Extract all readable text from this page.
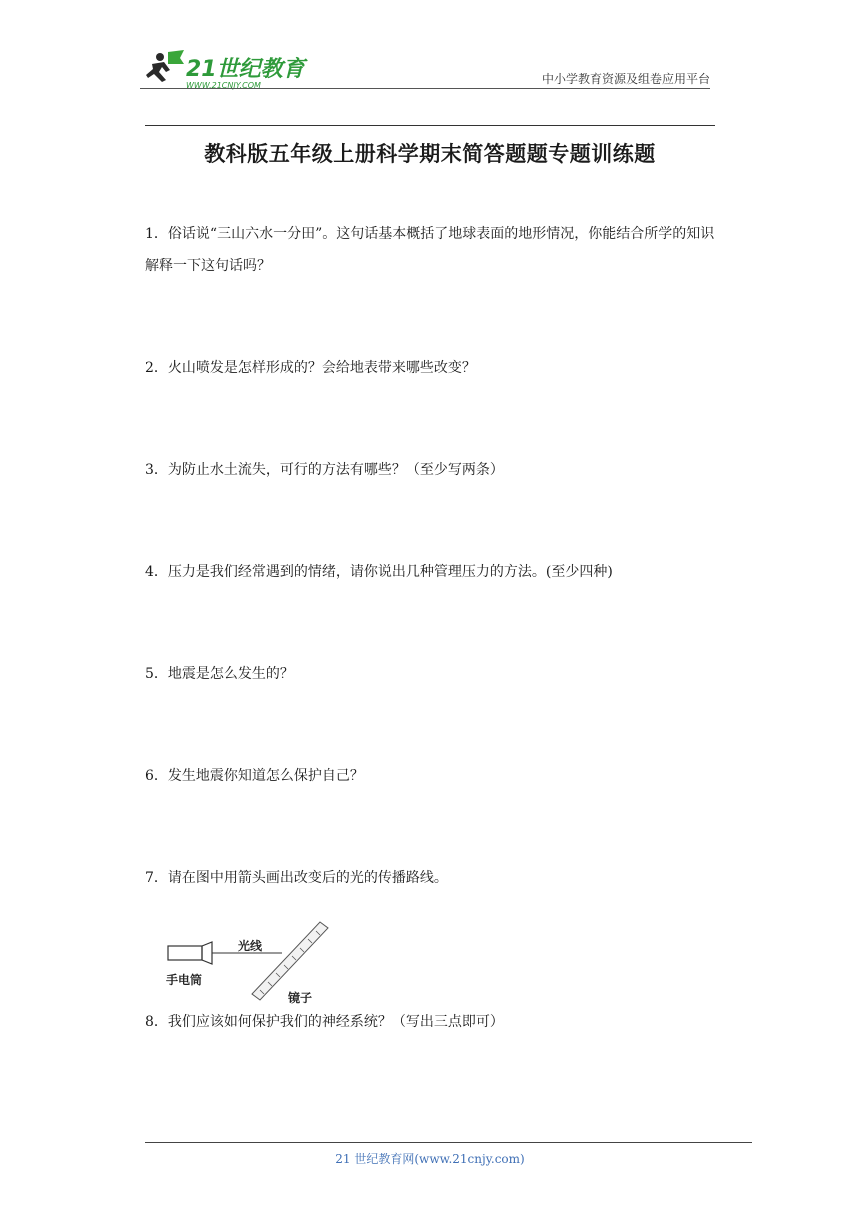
21世纪教育
WWW.21CNJY.COM	中小学教育资源及组卷应用平台
教科版五年级上册科学期末简答题题专题训练题
1．俗话说“三山六水一分田”。这句话基本概括了地球表面的地形情况，你能结合所学的知识解释一下这句话吗？
2．火山喷发是怎样形成的？会给地表带来哪些改变？
3．为防止水土流失，可行的方法有哪些？（至少写两条）
4．压力是我们经常遇到的情绪，请你说出几种管理压力的方法。(至少四种)
5．地震是怎么发生的？
6．发生地震你知道怎么保护自己？
7．请在图中用箭头画出改变后的光的传播路线。
手电筒
光线
镜子
8．我们应该如何保护我们的神经系统？（写出三点即可）
21 世纪教育网(www.21cnjy.com)
